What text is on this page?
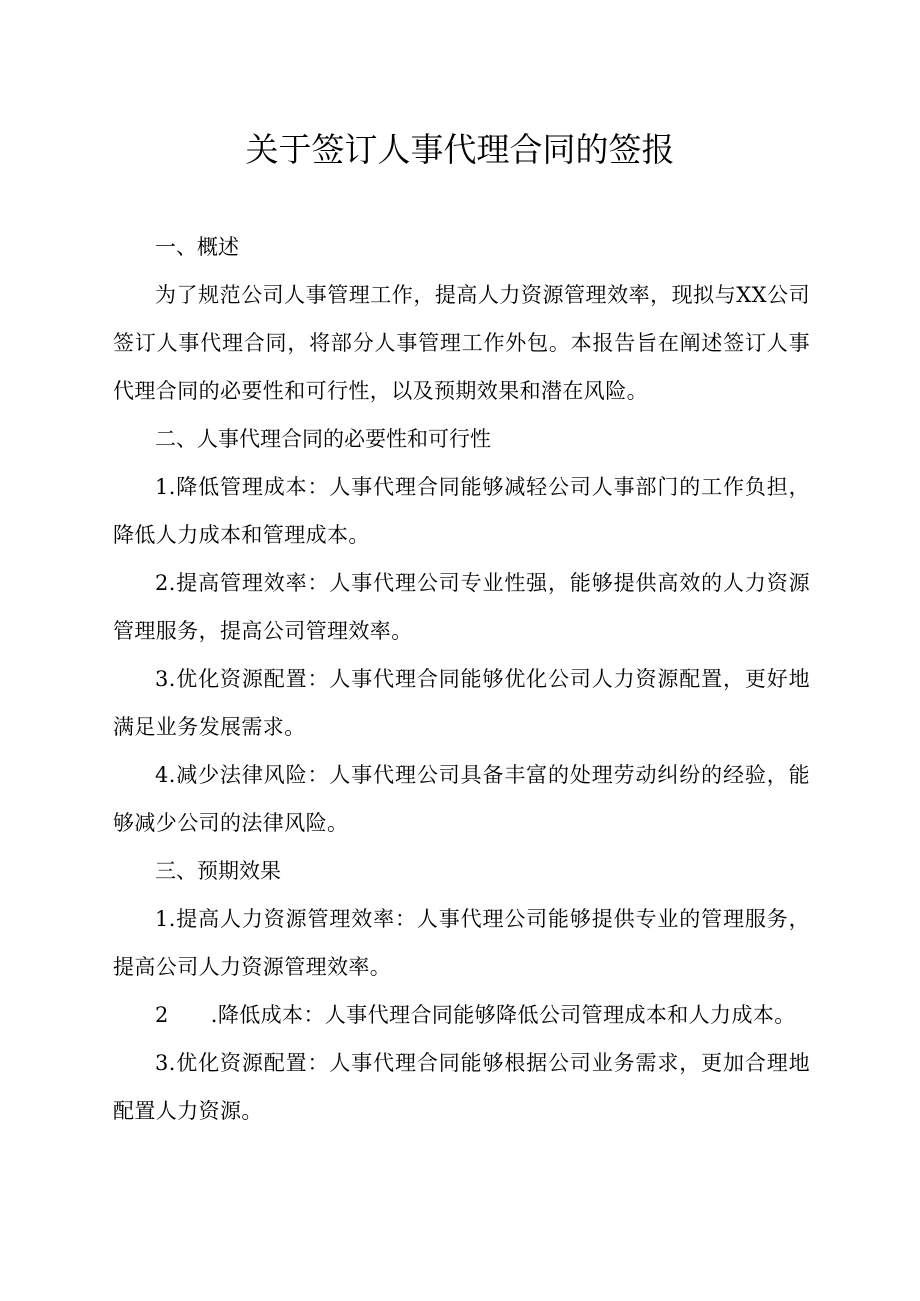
关于签订人事代理合同的签报

一、概述

为了规范公司人事管理工作，提高人力资源管理效率，现拟与XX公司签订人事代理合同，将部分人事管理工作外包。本报告旨在阐述签订人事代理合同的必要性和可行性，以及预期效果和潜在风险。

二、人事代理合同的必要性和可行性

1.降低管理成本：人事代理合同能够减轻公司人事部门的工作负担，降低人力成本和管理成本。

2.提高管理效率：人事代理公司专业性强，能够提供高效的人力资源管理服务，提高公司管理效率。

3.优化资源配置：人事代理合同能够优化公司人力资源配置，更好地满足业务发展需求。

4.减少法律风险：人事代理公司具备丰富的处理劳动纠纷的经验，能够减少公司的法律风险。

三、预期效果

1.提高人力资源管理效率：人事代理公司能够提供专业的管理服务，提高公司人力资源管理效率。

2 .降低成本：人事代理合同能够降低公司管理成本和人力成本。

3.优化资源配置：人事代理合同能够根据公司业务需求，更加合理地配置人力资源。
